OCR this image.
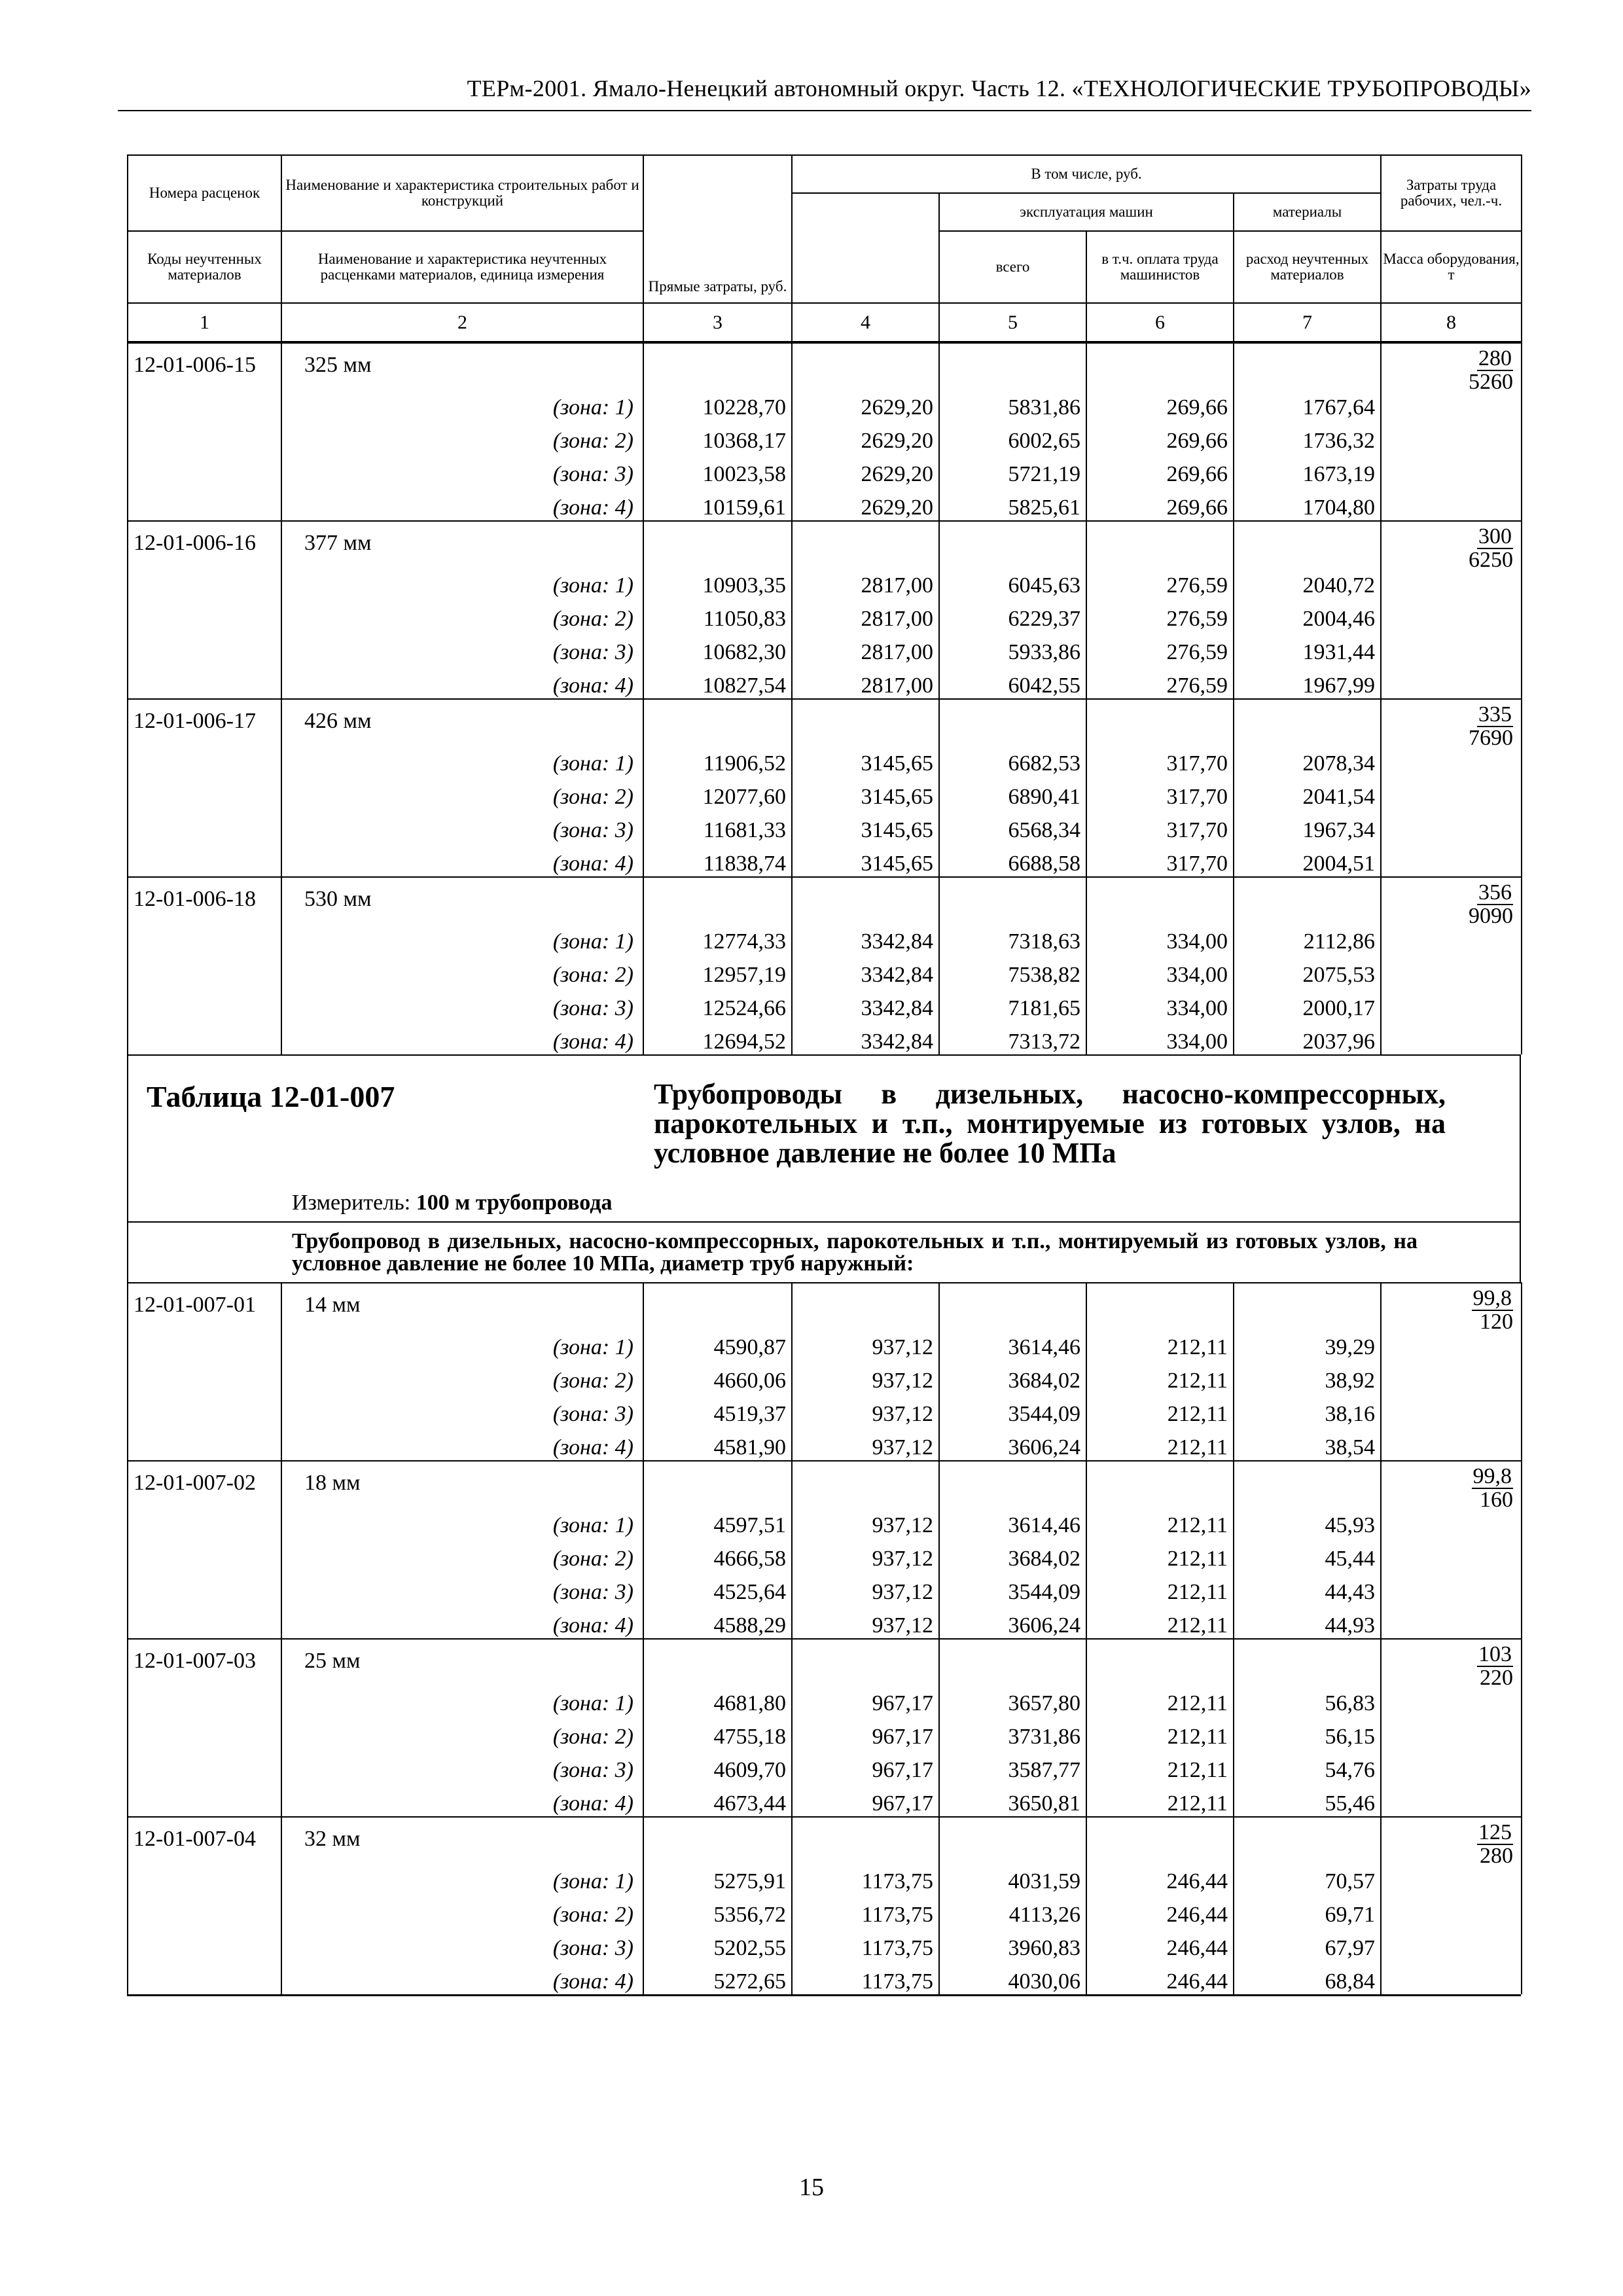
ТЕРм-2001. Ямало-Ненецкий автономный округ. Часть 12. «ТЕХНОЛОГИЧЕСКИЕ ТРУБОПРОВОДЫ»
Номера расценок	Наименование и характеристика строительных работ и конструкций	Прямые затраты, руб.	В том числе, руб.				Затраты труда рабочих, чел.-ч.
				эксплуатация машин		материалы	
Коды неучтенных материалов	Наименование и характеристика неучтенных расценками материалов, единица измерения			всего	в т.ч. оплата труда машинистов	расход неучтенных материалов	Масса оборудования, т
1	2	3	4	5	6	7	8
12-01-006-15	325 мм						280
5260

	(зона: 1)	10228,70	2629,20	5831,86	269,66	1767,64	
	(зона: 2)	10368,17	2629,20	6002,65	269,66	1736,32	
	(зона: 3)	10023,58	2629,20	5721,19	269,66	1673,19	
	(зона: 4)	10159,61	2629,20	5825,61	269,66	1704,80	
12-01-006-16	377 мм						300
6250

	(зона: 1)	10903,35	2817,00	6045,63	276,59	2040,72	
	(зона: 2)	11050,83	2817,00	6229,37	276,59	2004,46	
	(зона: 3)	10682,30	2817,00	5933,86	276,59	1931,44	
	(зона: 4)	10827,54	2817,00	6042,55	276,59	1967,99	
12-01-006-17	426 мм						335
7690

	(зона: 1)	11906,52	3145,65	6682,53	317,70	2078,34	
	(зона: 2)	12077,60	3145,65	6890,41	317,70	2041,54	
	(зона: 3)	11681,33	3145,65	6568,34	317,70	1967,34	
	(зона: 4)	11838,74	3145,65	6688,58	317,70	2004,51	
12-01-006-18	530 мм						356
9090

	(зона: 1)	12774,33	3342,84	7318,63	334,00	2112,86	
	(зона: 2)	12957,19	3342,84	7538,82	334,00	2075,53	
	(зона: 3)	12524,66	3342,84	7181,65	334,00	2000,17	
	(зона: 4)	12694,52	3342,84	7313,72	334,00	2037,96	
Таблица 12-01-007	Трубопроводы в дизельных, насосно-компрессорных, парокотельных и т.п., монтируемые из готовых узлов, на условное давление не более 10 МПа
Измеритель: 100 м трубопровода
Трубопровод в дизельных, насосно-компрессорных, парокотельных и т.п., монтируемый из готовых узлов, на условное давление не более 10 МПа, диаметр труб наружный:
12-01-007-01	14 мм						99,8
120

	(зона: 1)	4590,87	937,12	3614,46	212,11	39,29	
	(зона: 2)	4660,06	937,12	3684,02	212,11	38,92	
	(зона: 3)	4519,37	937,12	3544,09	212,11	38,16	
	(зона: 4)	4581,90	937,12	3606,24	212,11	38,54	
12-01-007-02	18 мм						99,8
160

	(зона: 1)	4597,51	937,12	3614,46	212,11	45,93	
	(зона: 2)	4666,58	937,12	3684,02	212,11	45,44	
	(зона: 3)	4525,64	937,12	3544,09	212,11	44,43	
	(зона: 4)	4588,29	937,12	3606,24	212,11	44,93	
12-01-007-03	25 мм						103
220

	(зона: 1)	4681,80	967,17	3657,80	212,11	56,83	
	(зона: 2)	4755,18	967,17	3731,86	212,11	56,15	
	(зона: 3)	4609,70	967,17	3587,77	212,11	54,76	
	(зона: 4)	4673,44	967,17	3650,81	212,11	55,46	
12-01-007-04	32 мм						125
280

	(зона: 1)	5275,91	1173,75	4031,59	246,44	70,57	
	(зона: 2)	5356,72	1173,75	4113,26	246,44	69,71	
	(зона: 3)	5202,55	1173,75	3960,83	246,44	67,97	
	(зона: 4)	5272,65	1173,75	4030,06	246,44	68,84	
15
